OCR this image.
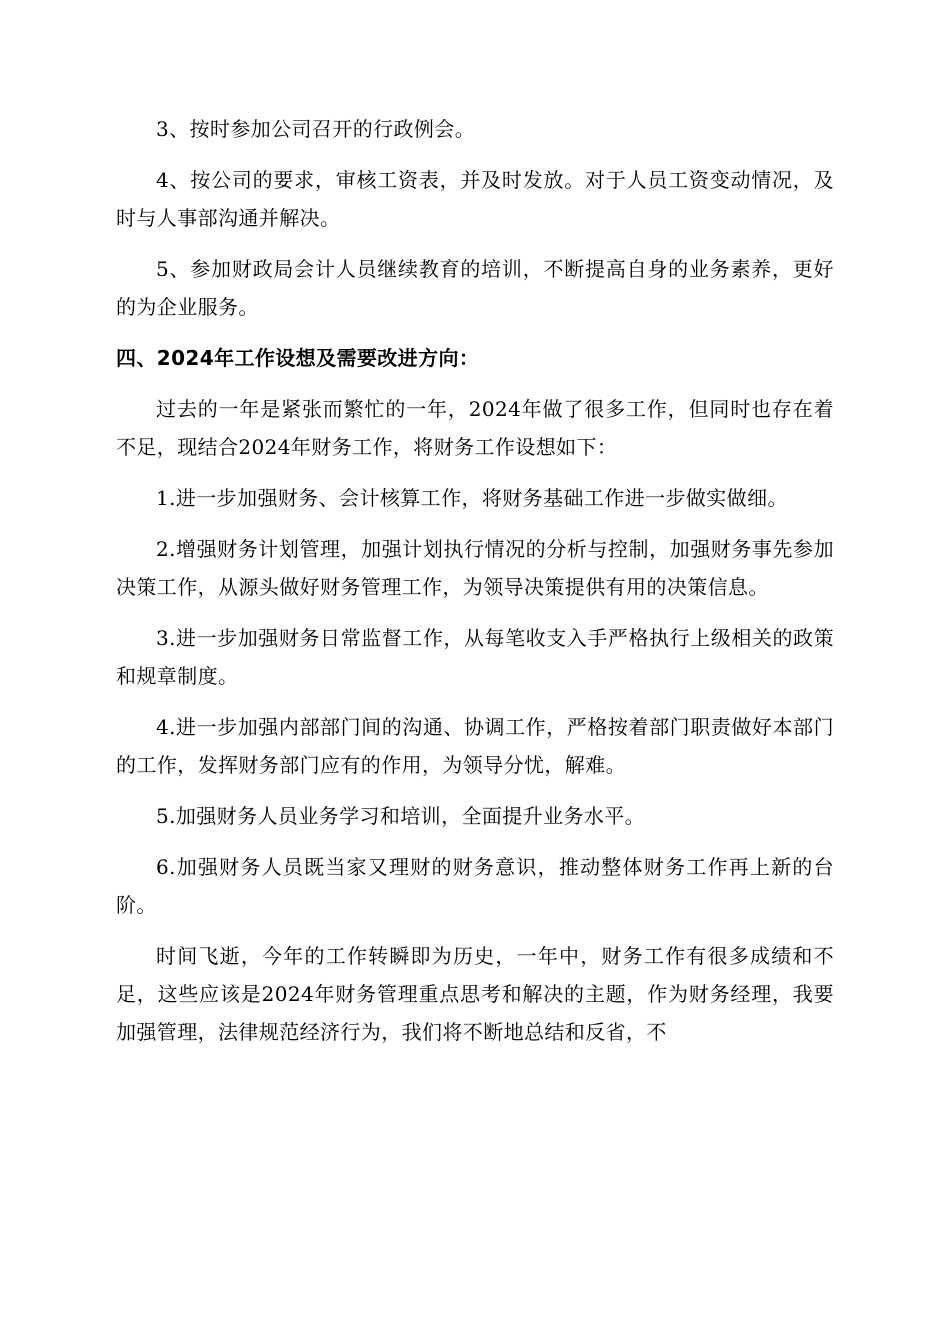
3、按时参加公司召开的行政例会。

4、按公司的要求，审核工资表，并及时发放。对于人员工资变动情况，及时与人事部沟通并解决。

5、参加财政局会计人员继续教育的培训，不断提高自身的业务素养，更好的为企业服务。

四、2024年工作设想及需要改进方向：

过去的一年是紧张而繁忙的一年，2024年做了很多工作，但同时也存在着不足，现结合2024年财务工作，将财务工作设想如下：

1.进一步加强财务、会计核算工作，将财务基础工作进一步做实做细。

2.增强财务计划管理，加强计划执行情况的分析与控制，加强财务事先参加决策工作，从源头做好财务管理工作，为领导决策提供有用的决策信息。

3.进一步加强财务日常监督工作，从每笔收支入手严格执行上级相关的政策和规章制度。

4.进一步加强内部部门间的沟通、协调工作，严格按着部门职责做好本部门的工作，发挥财务部门应有的作用，为领导分忧，解难。

5.加强财务人员业务学习和培训，全面提升业务水平。

6.加强财务人员既当家又理财的财务意识，推动整体财务工作再上新的台阶。

时间飞逝，今年的工作转瞬即为历史，一年中，财务工作有很多成绩和不足，这些应该是2024年财务管理重点思考和解决的主题，作为财务经理，我要加强管理，法律规范经济行为，我们将不断地总结和反省，不
